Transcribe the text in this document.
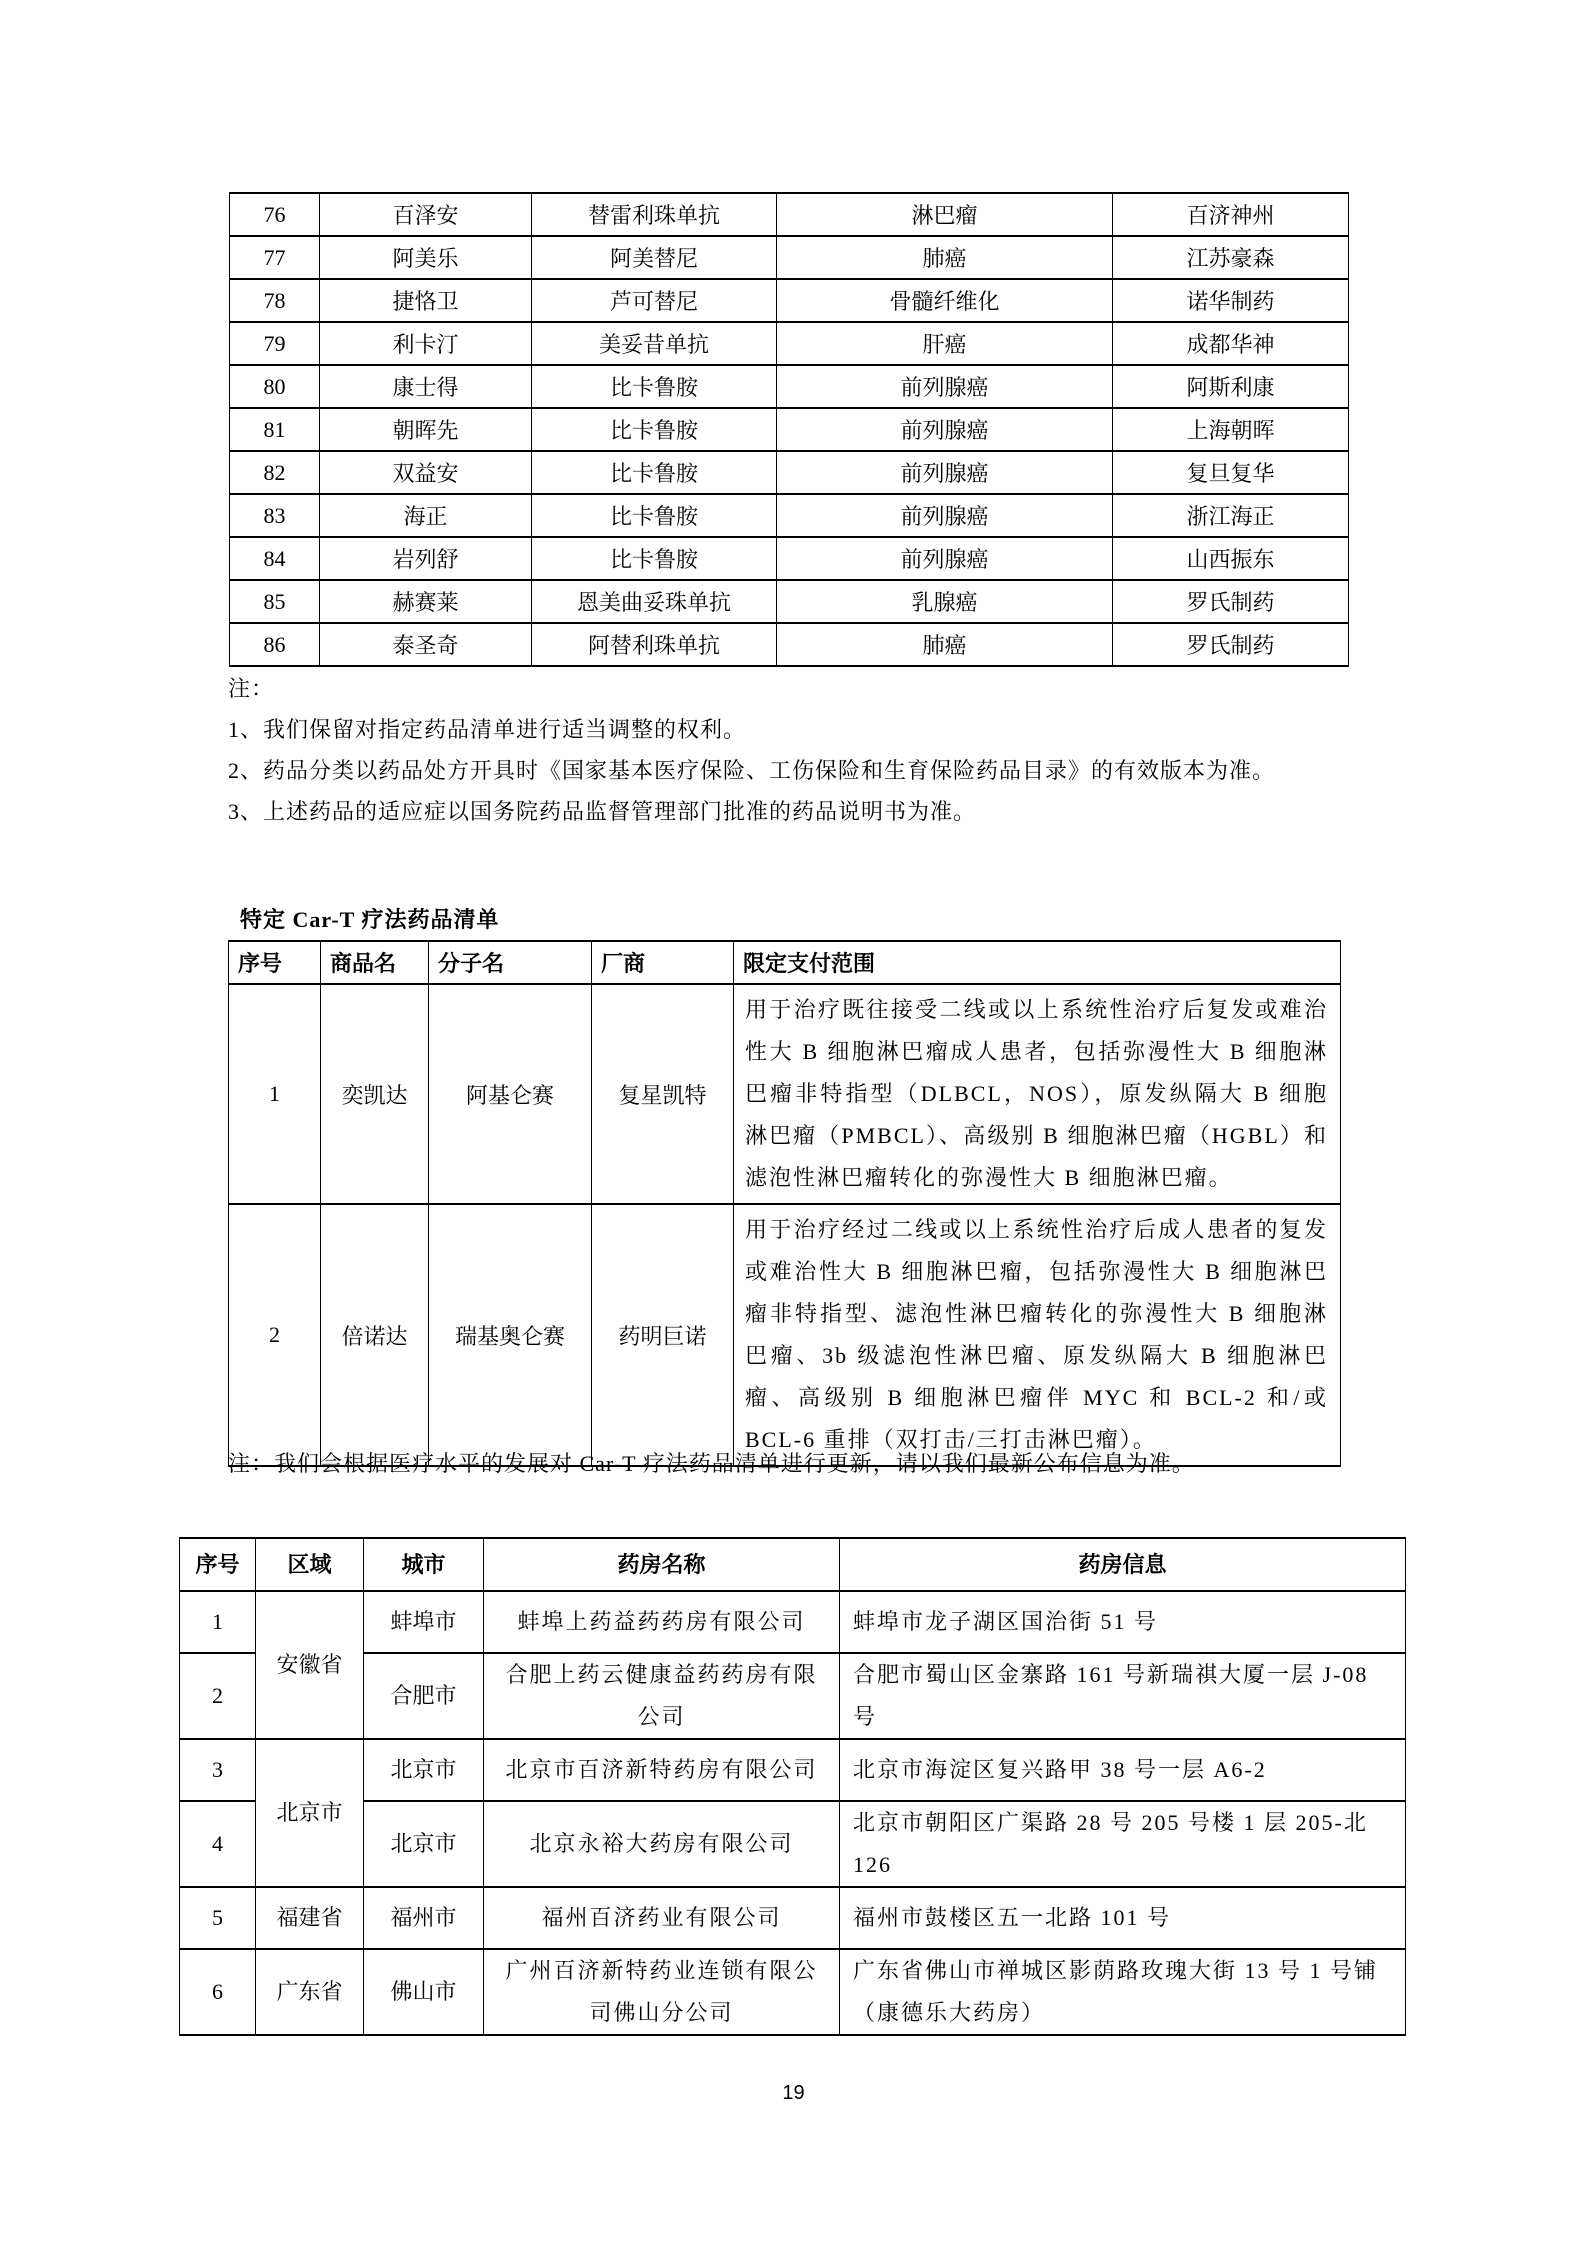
76	百泽安	替雷利珠单抗	淋巴瘤	百济神州
77	阿美乐	阿美替尼	肺癌	江苏豪森
78	捷恪卫	芦可替尼	骨髓纤维化	诺华制药
79	利卡汀	美妥昔单抗	肝癌	成都华神
80	康士得	比卡鲁胺	前列腺癌	阿斯利康
81	朝晖先	比卡鲁胺	前列腺癌	上海朝晖
82	双益安	比卡鲁胺	前列腺癌	复旦复华
83	海正	比卡鲁胺	前列腺癌	浙江海正
84	岩列舒	比卡鲁胺	前列腺癌	山西振东
85	赫赛莱	恩美曲妥珠单抗	乳腺癌	罗氏制药
86	泰圣奇	阿替利珠单抗	肺癌	罗氏制药
注：
1、我们保留对指定药品清单进行适当调整的权利。
2、药品分类以药品处方开具时《国家基本医疗保险、工伤保险和生育保险药品目录》的有效版本为准。
3、上述药品的适应症以国务院药品监督管理部门批准的药品说明书为准。
特定 Car-T 疗法药品清单
序号	商品名	分子名	厂商	限定支付范围
1	奕凯达	阿基仑赛	复星凯特	用于治疗既往接受二线或以上系统性治疗后复发或难治性大 B 细胞淋巴瘤成人患者，包括弥漫性大 B 细胞淋巴瘤非特指型（DLBCL，NOS），原发纵隔大 B 细胞淋巴瘤（PMBCL）、高级别 B 细胞淋巴瘤（HGBL）和滤泡性淋巴瘤转化的弥漫性大 B 细胞淋巴瘤。
2	倍诺达	瑞基奥仑赛	药明巨诺	用于治疗经过二线或以上系统性治疗后成人患者的复发或难治性大 B 细胞淋巴瘤，包括弥漫性大 B 细胞淋巴瘤非特指型、滤泡性淋巴瘤转化的弥漫性大 B 细胞淋巴瘤、3b 级滤泡性淋巴瘤、原发纵隔大 B 细胞淋巴瘤、高级别 B 细胞淋巴瘤伴 MYC 和 BCL-2 和/或 BCL-6 重排（双打击/三打击淋巴瘤）。
注：我们会根据医疗水平的发展对 Car-T 疗法药品清单进行更新，请以我们最新公布信息为准。
序号	区域	城市	药房名称	药房信息
1	安徽省	蚌埠市	蚌埠上药益药药房有限公司	蚌埠市龙子湖区国治街 51 号
2		合肥市	合肥上药云健康益药药房有限公司	合肥市蜀山区金寨路 161 号新瑞祺大厦一层 J-08 号
3	北京市	北京市	北京市百济新特药房有限公司	北京市海淀区复兴路甲 38 号一层 A6-2
4		北京市	北京永裕大药房有限公司	北京市朝阳区广渠路 28 号 205 号楼 1 层 205-北 126
5	福建省	福州市	福州百济药业有限公司	福州市鼓楼区五一北路 101 号
6	广东省	佛山市	广州百济新特药业连锁有限公司佛山分公司	广东省佛山市禅城区影荫路玫瑰大街 13 号 1 号铺（康德乐大药房）
19
